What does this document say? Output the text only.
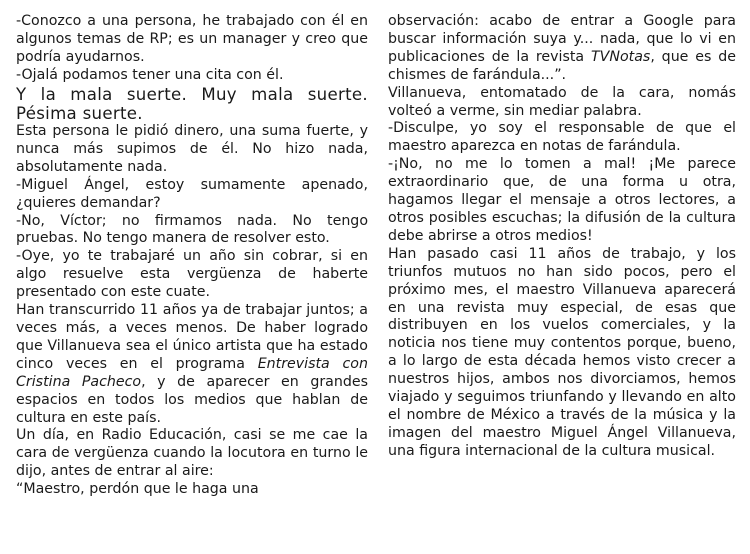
-Conozco a una persona, he trabajado con él en algunos temas de RP; es un manager y creo que podría ayudarnos.

-Ojalá podamos tener una cita con él.

Y la mala suerte. Muy mala suerte. Pésima suerte.

Esta persona le pidió dinero, una suma fuerte, y nunca más supimos de él. No hizo nada, absolutamente nada.

-Miguel Ángel, estoy sumamente apenado, ¿quieres demandar?

-No, Víctor; no firmamos nada. No tengo pruebas. No tengo manera de resolver esto.

-Oye, yo te trabajaré un año sin cobrar, si en algo resuelve esta vergüenza de haberte presentado con este cuate.

Han transcurrido 11 años ya de trabajar juntos; a veces más, a veces menos. De haber logrado que Villanueva sea el único artista que ha estado cinco veces en el programa Entrevista con Cristina Pacheco, y de aparecer en grandes espacios en todos los medios que hablan de cultura en este país.

Un día, en Radio Educación, casi se me cae la cara de vergüenza cuando la locutora en turno le dijo, antes de entrar al aire:

“Maestro, perdón que le haga una

observación: acabo de entrar a Google para buscar información suya y... nada, que lo vi en publicaciones de la revista TVNotas, que es de chismes de farándula...”.

Villanueva, entomatado de la cara, nomás volteó a verme, sin mediar palabra.

-Disculpe, yo soy el responsable de que el maestro aparezca en notas de farándula.

-¡No, no me lo tomen a mal! ¡Me parece extraordinario que, de una forma u otra, hagamos llegar el mensaje a otros lectores, a otros posibles escuchas; la difusión de la cultura debe abrirse a otros medios!

Han pasado casi 11 años de trabajo, y los triunfos mutuos no han sido pocos, pero el próximo mes, el maestro Villanueva aparecerá en una revista muy especial, de esas que distribuyen en los vuelos comerciales, y la noticia nos tiene muy contentos porque, bueno, a lo largo de esta década hemos visto crecer a nuestros hijos, ambos nos divorciamos, hemos viajado y seguimos triunfando y llevando en alto el nombre de México a través de la música y la imagen del maestro Miguel Ángel Villanueva, una figura internacional de la cultura musical.
